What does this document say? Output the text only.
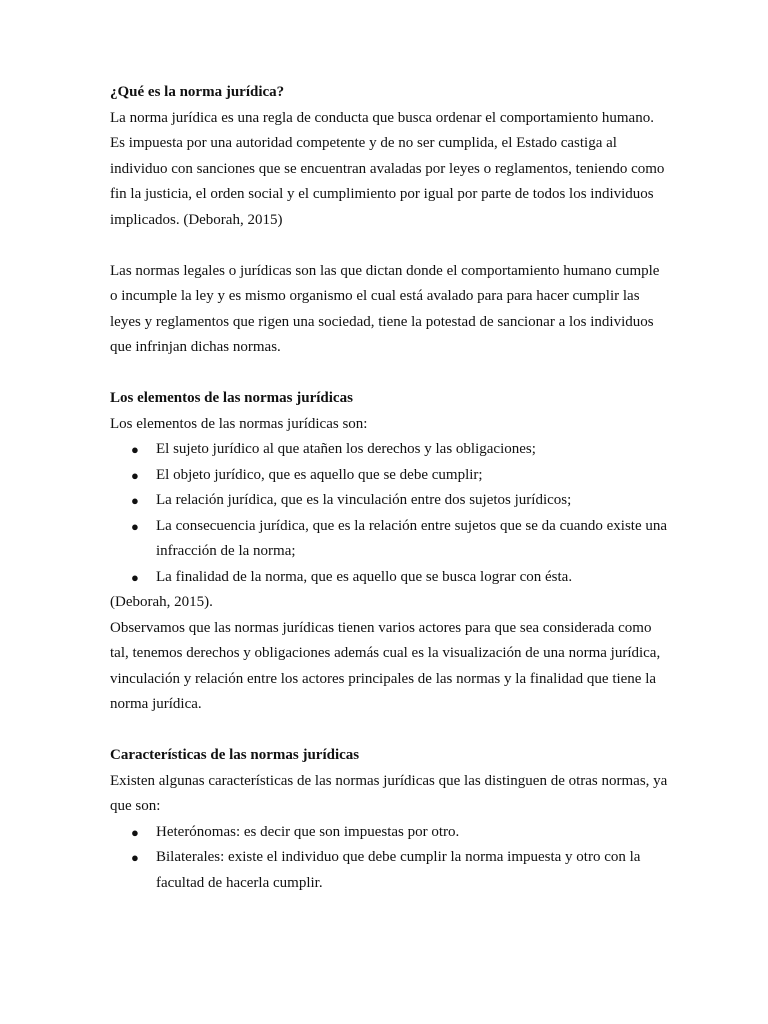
¿Qué es la norma jurídica?

La norma jurídica es una regla de conducta que busca ordenar el comportamiento humano. Es impuesta por una autoridad competente y de no ser cumplida, el Estado castiga al individuo con sanciones que se encuentran avaladas por leyes o reglamentos, teniendo como fin la justicia, el orden social y el cumplimiento por igual por parte de todos los individuos implicados. (Deborah, 2015)

Las normas legales o jurídicas son las que dictan donde el comportamiento humano cumple o incumple la ley y es mismo organismo el cual está avalado para para hacer cumplir las leyes y reglamentos que rigen una sociedad, tiene la potestad de sancionar a los individuos que infrinjan dichas normas.

Los elementos de las normas jurídicas

Los elementos de las normas jurídicas son:

● El sujeto jurídico al que atañen los derechos y las obligaciones;
● El objeto jurídico, que es aquello que se debe cumplir;
● La relación jurídica, que es la vinculación entre dos sujetos jurídicos;
● La consecuencia jurídica, que es la relación entre sujetos que se da cuando existe una infracción de la norma;
● La finalidad de la norma, que es aquello que se busca lograr con ésta.

(Deborah, 2015).

Observamos que las normas jurídicas tienen varios actores para que sea considerada como tal, tenemos derechos y obligaciones además cual es la visualización de una norma jurídica, vinculación y relación entre los actores principales de las normas y la finalidad que tiene la norma jurídica.

Características de las normas jurídicas

Existen algunas características de las normas jurídicas que las distinguen de otras normas, ya que son:

● Heterónomas: es decir que son impuestas por otro.
● Bilaterales: existe el individuo que debe cumplir la norma impuesta y otro con la facultad de hacerla cumplir.
